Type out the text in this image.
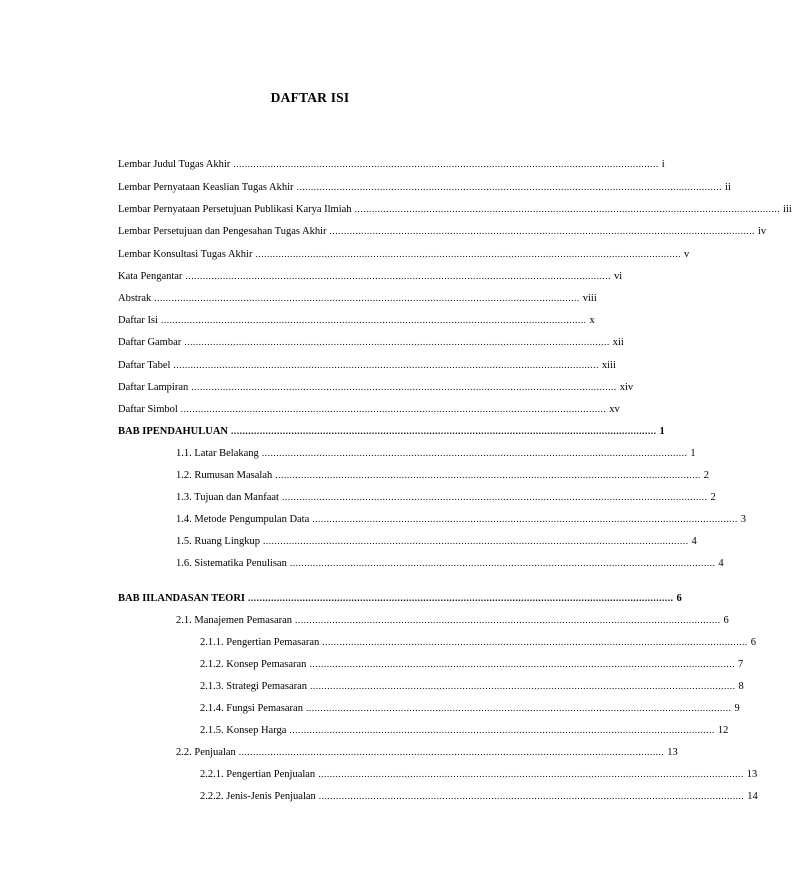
DAFTAR ISI
Lembar Judul Tugas Akhir .................................................................................................................................................... i
Lembar Pernyataan Keaslian Tugas Akhir .................................................................................................................................................... ii
Lembar Pernyataan Persetujuan Publikasi Karya Ilmiah .................................................................................................................................................... iii
Lembar Persetujuan dan Pengesahan Tugas Akhir .................................................................................................................................................... iv
Lembar Konsultasi Tugas Akhir .................................................................................................................................................... v
Kata Pengantar .................................................................................................................................................... vi
Abstrak .................................................................................................................................................... viii
Daftar Isi .................................................................................................................................................... x
Daftar Gambar .................................................................................................................................................... xii
Daftar Tabel .................................................................................................................................................... xiii
Daftar Lampiran .................................................................................................................................................... xiv
Daftar Simbol .................................................................................................................................................... xv
BAB I PENDAHULUAN .................................................................................................................................................... 1
1.1. Latar Belakang .................................................................................................................................................... 1
1.2. Rumusan Masalah .................................................................................................................................................... 2
1.3. Tujuan dan Manfaat .................................................................................................................................................... 2
1.4. Metode Pengumpulan Data .................................................................................................................................................... 3
1.5. Ruang Lingkup .................................................................................................................................................... 4
1.6. Sistematika Penulisan .................................................................................................................................................... 4
BAB II LANDASAN TEORI .................................................................................................................................................... 6
2.1. Manajemen Pemasaran .................................................................................................................................................... 6
2.1.1. Pengertian Pemasaran .................................................................................................................................................... 6
2.1.2. Konsep Pemasaran .................................................................................................................................................... 7
2.1.3. Strategi Pemasaran .................................................................................................................................................... 8
2.1.4. Fungsi Pemasaran .................................................................................................................................................... 9
2.1.5. Konsep Harga .................................................................................................................................................... 12
2.2. Penjualan .................................................................................................................................................... 13
2.2.1. Pengertian Penjualan .................................................................................................................................................... 13
2.2.2. Jenis-Jenis Penjualan .................................................................................................................................................... 14
